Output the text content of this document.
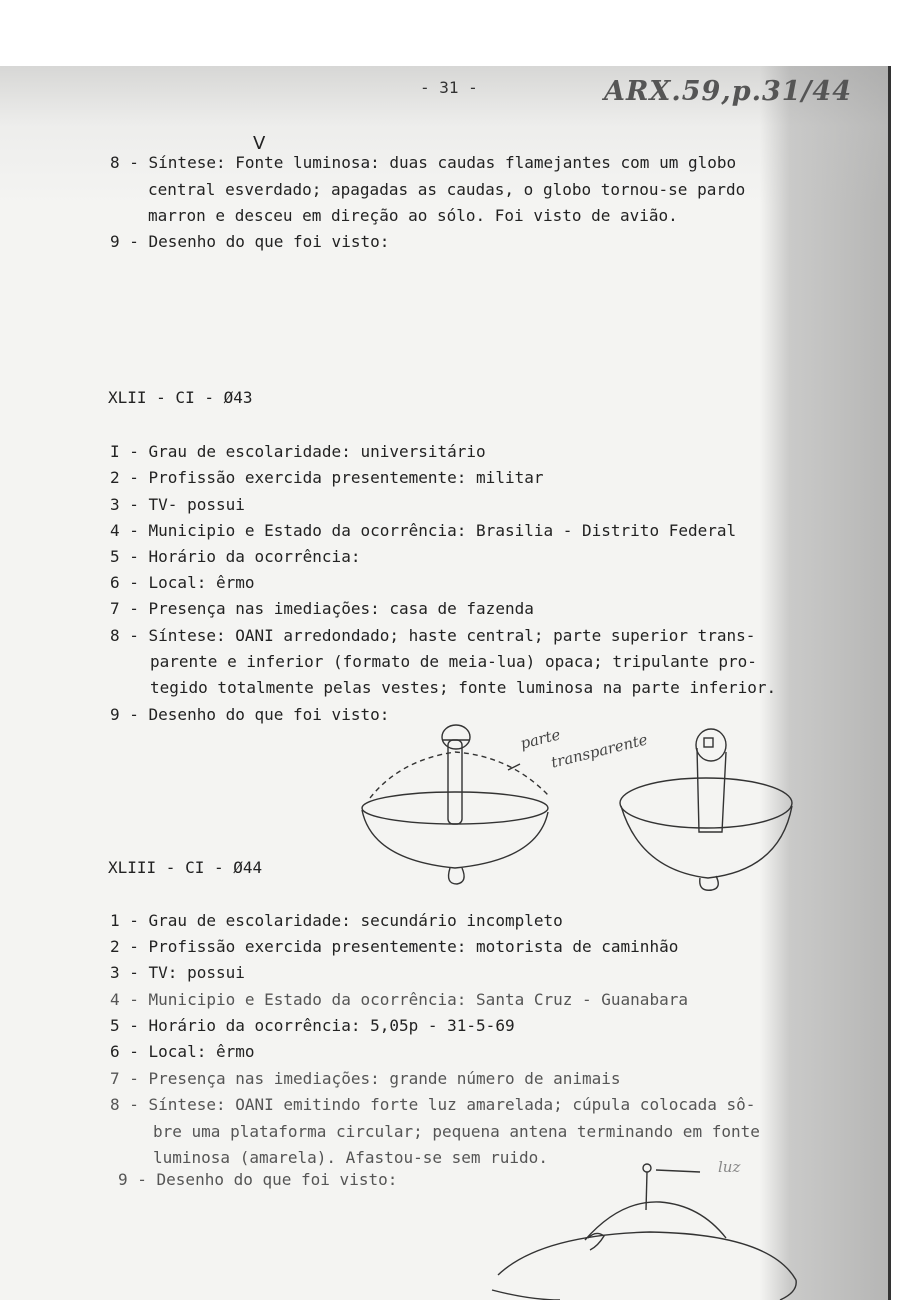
- 31 -	ARX.59,p.31/44
V
8 - Síntese: Fonte luminosa: duas caudas flamejantes com um globo
central esverdado; apagadas as caudas, o globo tornou-se pardo
marron e desceu em direção ao sólo. Foi visto de avião.
9 - Desenho do que foi visto:
XLII - CI - Ø43
I - Grau de escolaridade: universitário
2 - Profissão exercida presentemente: militar
3 - TV- possui
4 - Municipio e Estado da ocorrência: Brasilia - Distrito Federal
5 - Horário da ocorrência:
6 - Local: êrmo
7 - Presença nas imediações: casa de fazenda
8 - Síntese: OANI arredondado; haste central; parte superior trans-
parente e inferior (formato de meia-lua) opaca; tripulante pro-
tegido totalmente pelas vestes; fonte luminosa na parte inferior.
9 - Desenho do que foi visto:
parte
transparente
XLIII - CI - Ø44
1 - Grau de escolaridade: secundário incompleto
2 - Profissão exercida presentemente: motorista de caminhão
3 - TV: possui
4 - Municipio e Estado da ocorrência: Santa Cruz - Guanabara
5 - Horário da ocorrência: 5,05p - 31-5-69
6 - Local: êrmo
7 - Presença nas imediações: grande número de animais
8 - Síntese: OANI emitindo forte luz amarelada; cúpula colocada sô-
bre uma plataforma circular; pequena antena terminando em fonte
luminosa (amarela). Afastou-se sem ruido.
9 - Desenho do que foi visto:
luz
